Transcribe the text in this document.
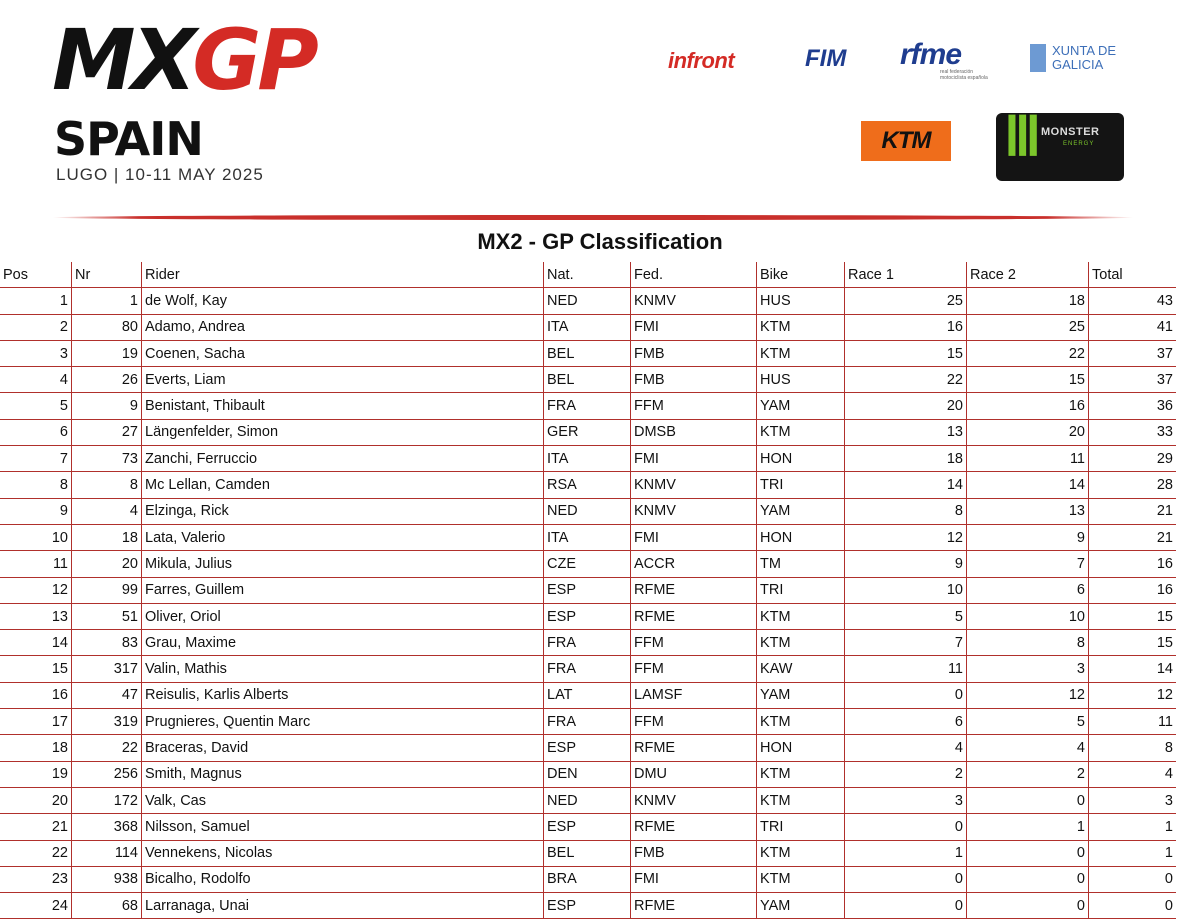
MXGP
SPAIN
LUGO | 10-11 MAY 2025
infront	FIM rfme
real federación motociclista española
XUNTA DE GALICIA
KTM	Ⅲ MONSTER
ENERGY
MX2 - GP Classification
Pos	Nr	Rider	Nat.	Fed.	Bike	Race 1	Race 2	Total
1	1	de Wolf, Kay	NED	KNMV	HUS	25	18	43
2	80	Adamo, Andrea	ITA	FMI	KTM	16	25	41
3	19	Coenen, Sacha	BEL	FMB	KTM	15	22	37
4	26	Everts, Liam	BEL	FMB	HUS	22	15	37
5	9	Benistant, Thibault	FRA	FFM	YAM	20	16	36
6	27	Längenfelder, Simon	GER	DMSB	KTM	13	20	33
7	73	Zanchi, Ferruccio	ITA	FMI	HON	18	11	29
8	8	Mc Lellan, Camden	RSA	KNMV	TRI	14	14	28
9	4	Elzinga, Rick	NED	KNMV	YAM	8	13	21
10	18	Lata, Valerio	ITA	FMI	HON	12	9	21
11	20	Mikula, Julius	CZE	ACCR	TM	9	7	16
12	99	Farres, Guillem	ESP	RFME	TRI	10	6	16
13	51	Oliver, Oriol	ESP	RFME	KTM	5	10	15
14	83	Grau, Maxime	FRA	FFM	KTM	7	8	15
15	317	Valin, Mathis	FRA	FFM	KAW	11	3	14
16	47	Reisulis, Karlis Alberts	LAT	LAMSF	YAM	0	12	12
17	319	Prugnieres, Quentin Marc	FRA	FFM	KTM	6	5	11
18	22	Braceras, David	ESP	RFME	HON	4	4	8
19	256	Smith, Magnus	DEN	DMU	KTM	2	2	4
20	172	Valk, Cas	NED	KNMV	KTM	3	0	3
21	368	Nilsson, Samuel	ESP	RFME	TRI	0	1	1
22	114	Vennekens, Nicolas	BEL	FMB	KTM	1	0	1
23	938	Bicalho, Rodolfo	BRA	FMI	KTM	0	0	0
24	68	Larranaga, Unai	ESP	RFME	YAM	0	0	0
